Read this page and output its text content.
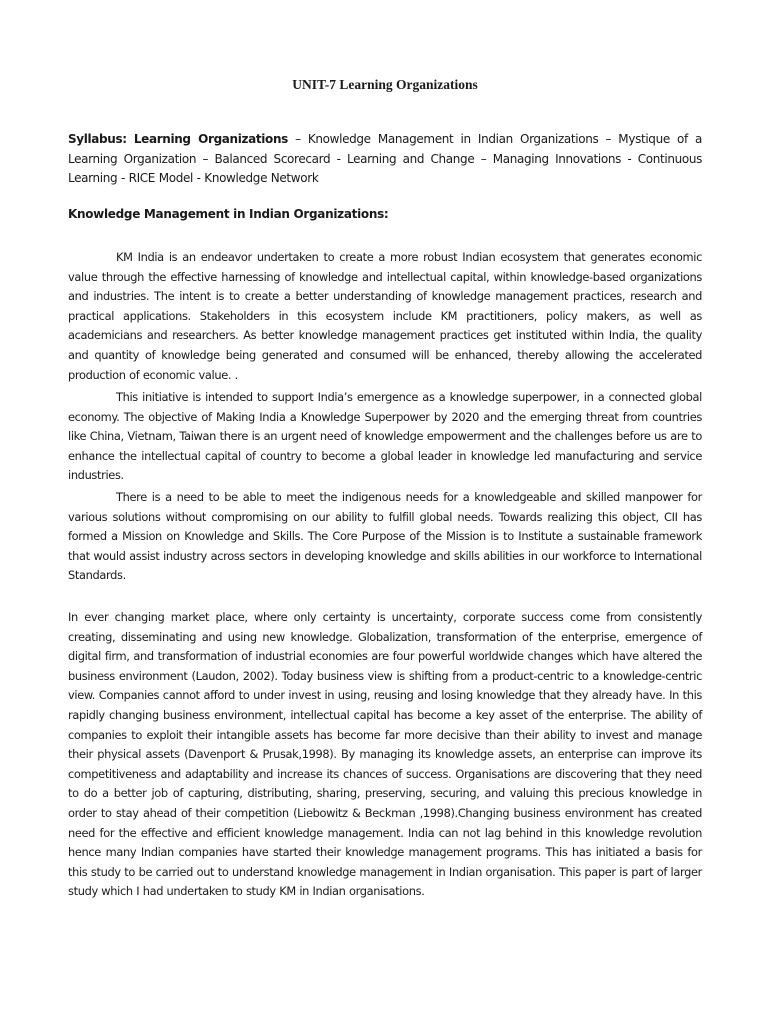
UNIT-7 Learning Organizations

Syllabus: Learning Organizations – Knowledge Management in Indian Organizations – Mystique of a Learning Organization – Balanced Scorecard - Learning and Change – Managing Innovations - Continuous Learning - RICE Model - Knowledge Network

Knowledge Management in Indian Organizations:

KM India is an endeavor undertaken to create a more robust Indian ecosystem that generates economic value through the effective harnessing of knowledge and intellectual capital, within knowledge-based organizations and industries. The intent is to create a better understanding of knowledge management practices, research and practical applications. Stakeholders in this ecosystem include KM practitioners, policy makers, as well as academicians and researchers. As better knowledge management practices get instituted within India, the quality and quantity of knowledge being generated and consumed will be enhanced, thereby allowing the accelerated production of economic value. .

This initiative is intended to support India’s emergence as a knowledge superpower, in a connected global economy. The objective of Making India a Knowledge Superpower by 2020 and the emerging threat from countries like China, Vietnam, Taiwan there is an urgent need of knowledge empowerment and the challenges before us are to enhance the intellectual capital of country to become a global leader in knowledge led manufacturing and service industries.

There is a need to be able to meet the indigenous needs for a knowledgeable and skilled manpower for various solutions without compromising on our ability to fulfill global needs. Towards realizing this object, CII has formed a Mission on Knowledge and Skills. The Core Purpose of the Mission is to Institute a sustainable framework that would assist industry across sectors in developing knowledge and skills abilities in our workforce to International Standards.

In ever changing market place, where only certainty is uncertainty, corporate success come from consistently creating, disseminating and using new knowledge. Globalization, transformation of the enterprise, emergence of digital firm, and transformation of industrial economies are four powerful worldwide changes which have altered the business environment (Laudon, 2002). Today business view is shifting from a product-centric to a knowledge-centric view. Companies cannot afford to under invest in using, reusing and losing knowledge that they already have. In this rapidly changing business environment, intellectual capital has become a key asset of the enterprise. The ability of companies to exploit their intangible assets has become far more decisive than their ability to invest and manage their physical assets (Davenport & Prusak,1998). By managing its knowledge assets, an enterprise can improve its competitiveness and adaptability and increase its chances of success. Organisations are discovering that they need to do a better job of capturing, distributing, sharing, preserving, securing, and valuing this precious knowledge in order to stay ahead of their competition (Liebowitz & Beckman ,1998).Changing business environment has created need for the effective and efficient knowledge management. India can not lag behind in this knowledge revolution hence many Indian companies have started their knowledge management programs. This has initiated a basis for this study to be carried out to understand knowledge management in Indian organisation. This paper is part of larger study which I had undertaken to study KM in Indian organisations.
